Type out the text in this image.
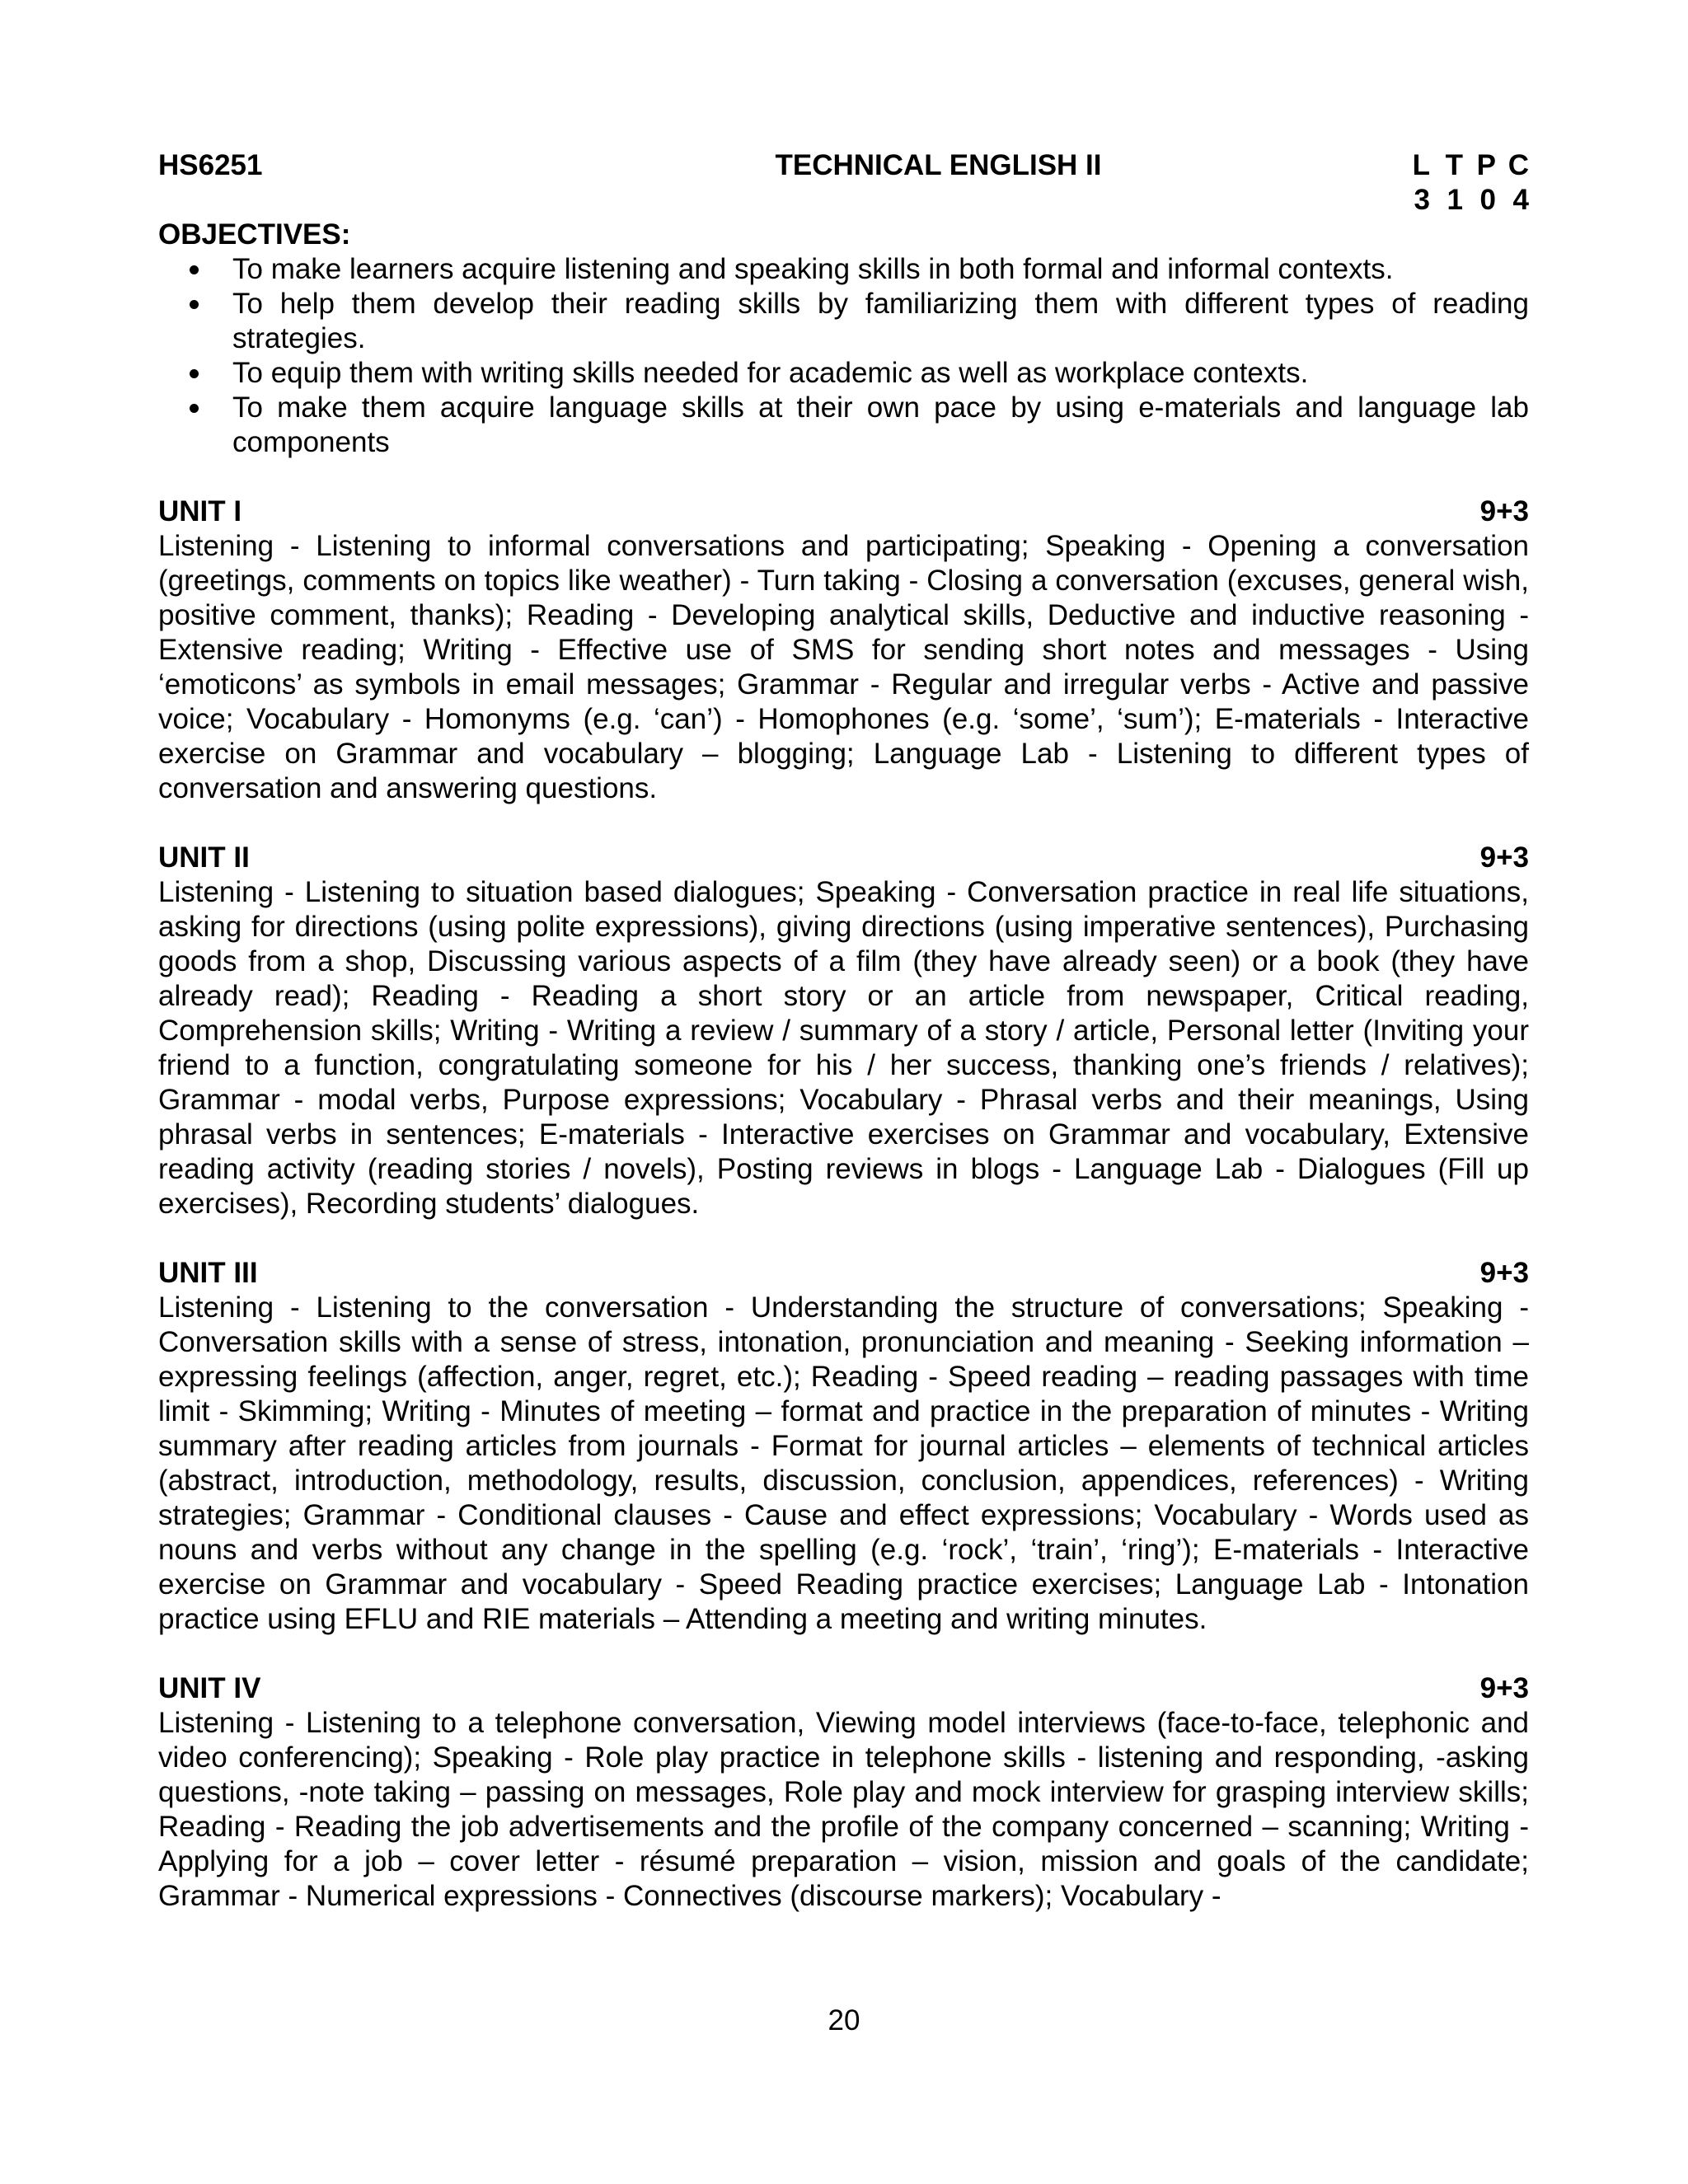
HS6251	TECHNICAL ENGLISH II	L T P C
3 1 0 4
OBJECTIVES:
To make learners acquire listening and speaking skills in both formal and informal contexts.
To help them develop their reading skills by familiarizing them with different types of reading strategies.
To equip them with writing skills needed for academic as well as workplace contexts.
To make them acquire language skills at their own pace by using e-materials and language lab components
UNIT I	9+3
Listening - Listening to informal conversations and participating; Speaking - Opening a conversation (greetings, comments on topics like weather) - Turn taking - Closing a conversation (excuses, general wish, positive comment, thanks); Reading - Developing analytical skills, Deductive and inductive reasoning - Extensive reading; Writing - Effective use of SMS for sending short notes and messages - Using ‘emoticons’ as symbols in email messages; Grammar - Regular and irregular verbs - Active and passive voice; Vocabulary - Homonyms (e.g. ‘can’) - Homophones (e.g. ‘some’, ‘sum’); E-materials - Interactive exercise on Grammar and vocabulary – blogging; Language Lab - Listening to different types of conversation and answering questions.
UNIT II	9+3
Listening - Listening to situation based dialogues; Speaking - Conversation practice in real life situations, asking for directions (using polite expressions), giving directions (using imperative sentences), Purchasing goods from a shop, Discussing various aspects of a film (they have already seen) or a book (they have already read); Reading - Reading a short story or an article from newspaper, Critical reading, Comprehension skills; Writing - Writing a review / summary of a story / article, Personal letter (Inviting your friend to a function, congratulating someone for his / her success, thanking one’s friends / relatives); Grammar - modal verbs, Purpose expressions; Vocabulary - Phrasal verbs and their meanings, Using phrasal verbs in sentences; E-materials - Interactive exercises on Grammar and vocabulary, Extensive reading activity (reading stories / novels), Posting reviews in blogs - Language Lab - Dialogues (Fill up exercises), Recording students’ dialogues.
UNIT III	9+3
Listening - Listening to the conversation - Understanding the structure of conversations; Speaking - Conversation skills with a sense of stress, intonation, pronunciation and meaning - Seeking information – expressing feelings (affection, anger, regret, etc.); Reading - Speed reading – reading passages with time limit - Skimming; Writing - Minutes of meeting – format and practice in the preparation of minutes - Writing summary after reading articles from journals - Format for journal articles – elements of technical articles (abstract, introduction, methodology, results, discussion, conclusion, appendices, references) - Writing strategies; Grammar - Conditional clauses - Cause and effect expressions; Vocabulary - Words used as nouns and verbs without any change in the spelling (e.g. ‘rock’, ‘train’, ‘ring’); E-materials - Interactive exercise on Grammar and vocabulary - Speed Reading practice exercises; Language Lab - Intonation practice using EFLU and RIE materials – Attending a meeting and writing minutes.
UNIT IV	9+3
Listening - Listening to a telephone conversation, Viewing model interviews (face-to-face, telephonic and video conferencing); Speaking - Role play practice in telephone skills - listening and responding, -asking questions, -note taking – passing on messages, Role play and mock interview for grasping interview skills; Reading - Reading the job advertisements and the profile of the company concerned – scanning; Writing - Applying for a job – cover letter - résumé preparation – vision, mission and goals of the candidate; Grammar - Numerical expressions - Connectives (discourse markers); Vocabulary -
20
